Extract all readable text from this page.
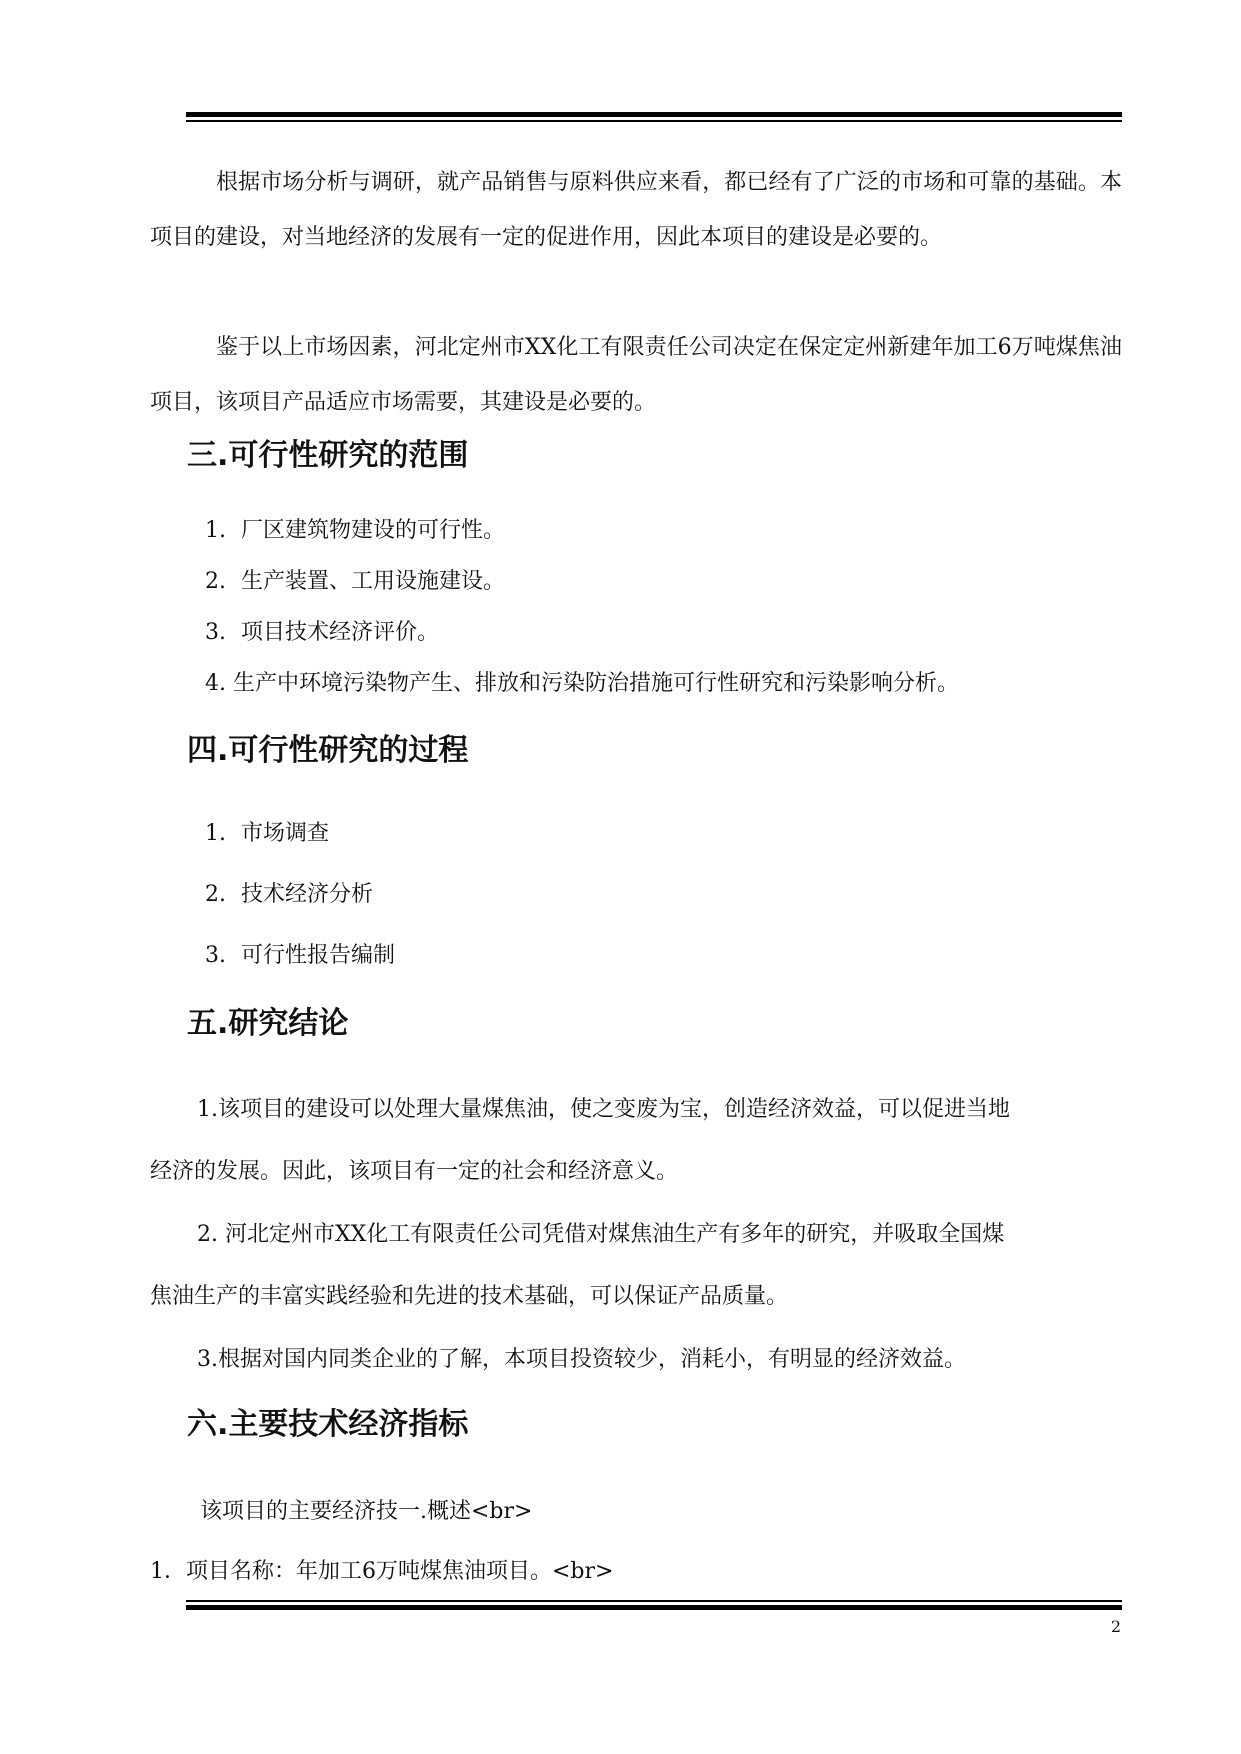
根据市场分析与调研，就产品销售与原料供应来看，都已经有了广泛的市场和可靠的基础。本项目的建设，对当地经济的发展有一定的促进作用，因此本项目的建设是必要的。
鉴于以上市场因素，河北定州市XX化工有限责任公司决定在保定定州新建年加工6万吨煤焦油项目，该项目产品适应市场需要，其建设是必要的。
三.可行性研究的范围
1. 厂区建筑物建设的可行性。
2. 生产装置、工用设施建设。
3. 项目技术经济评价。
4. 生产中环境污染物产生、排放和污染防治措施可行性研究和污染影响分析。
四.可行性研究的过程
1. 市场调查
2. 技术经济分析
3. 可行性报告编制
五.研究结论
1.该项目的建设可以处理大量煤焦油，使之变废为宝，创造经济效益，可以促进当地
经济的发展。因此，该项目有一定的社会和经济意义。
2. 河北定州市XX化工有限责任公司凭借对煤焦油生产有多年的研究，并吸取全国煤
焦油生产的丰富实践经验和先进的技术基础，可以保证产品质量。
3.根据对国内同类企业的了解，本项目投资较少，消耗小，有明显的经济效益。
六.主要技术经济指标
该项目的主要经济技一.概述<br>
1．项目名称：年加工6万吨煤焦油项目。<br>
2
